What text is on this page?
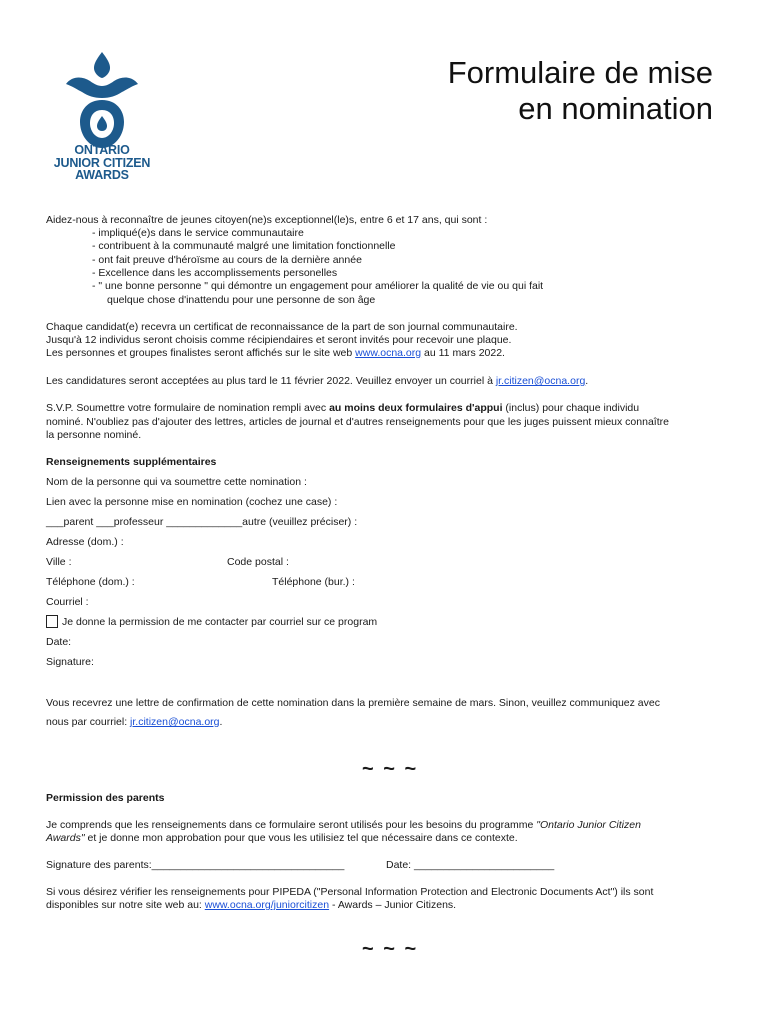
ONTARIO
JUNIOR CITIZEN
AWARDS
Formulaire de mise
en nomination
Aidez-nous à reconnaître de jeunes citoyen(ne)s exceptionnel(le)s, entre 6 et 17 ans, qui sont :
- impliqué(e)s dans le service communautaire
- contribuent à la communauté malgré une limitation fonctionnelle
- ont fait preuve d'héroïsme au cours de la dernière année
- Excellence dans les accomplissements personelles
- " une bonne personne " qui démontre un engagement pour améliorer la qualité de vie ou qui fait
quelque chose d'inattendu pour une personne de son âge
Chaque candidat(e) recevra un certificat de reconnaissance de la part de son journal communautaire.
Jusqu'à 12 individus seront choisis comme récipiendaires et seront invités pour recevoir une plaque.
Les personnes et groupes finalistes seront affichés sur le site web www.ocna.org au 11 mars 2022.
Les candidatures seront acceptées au plus tard le 11 février 2022. Veuillez envoyer un courriel à jr.citizen@ocna.org.
S.V.P. Soumettre votre formulaire de nomination rempli avec au moins deux formulaires d'appui (inclus) pour chaque individu
nominé. N'oubliez pas d'ajouter des lettres, articles de journal et d'autres renseignements pour que les juges puissent mieux connaître
la personne nominé.
Renseignements supplémentaires
Nom de la personne qui va soumettre cette nomination :
Lien avec la personne mise en nomination (cochez une case) :
___parent ___professeur _____________autre (veuillez préciser) :
Adresse (dom.) :
Ville :	Code postal :
Téléphone (dom.) :	Téléphone (bur.) :
Courriel :
Je donne la permission de me contacter par courriel sur ce program
Date:
Signature:
Vous recevrez une lettre de confirmation de cette nomination dans la première semaine de mars. Sinon, veuillez communiquez avec
nous par courriel: jr.citizen@ocna.org.
~ ~ ~
Permission des parents
Je comprends que les renseignements dans ce formulaire seront utilisés pour les besoins du programme "Ontario Junior Citizen
Awards" et je donne mon approbation pour que vous les utilisiez tel que nécessaire dans ce contexte.
Signature des parents:_________________________________	Date: ________________________
Si vous désirez vérifier les renseignements pour PIPEDA ("Personal Information Protection and Electronic Documents Act") ils sont
disponibles sur notre site web au: www.ocna.org/juniorcitizen - Awards – Junior Citizens.
~ ~ ~
